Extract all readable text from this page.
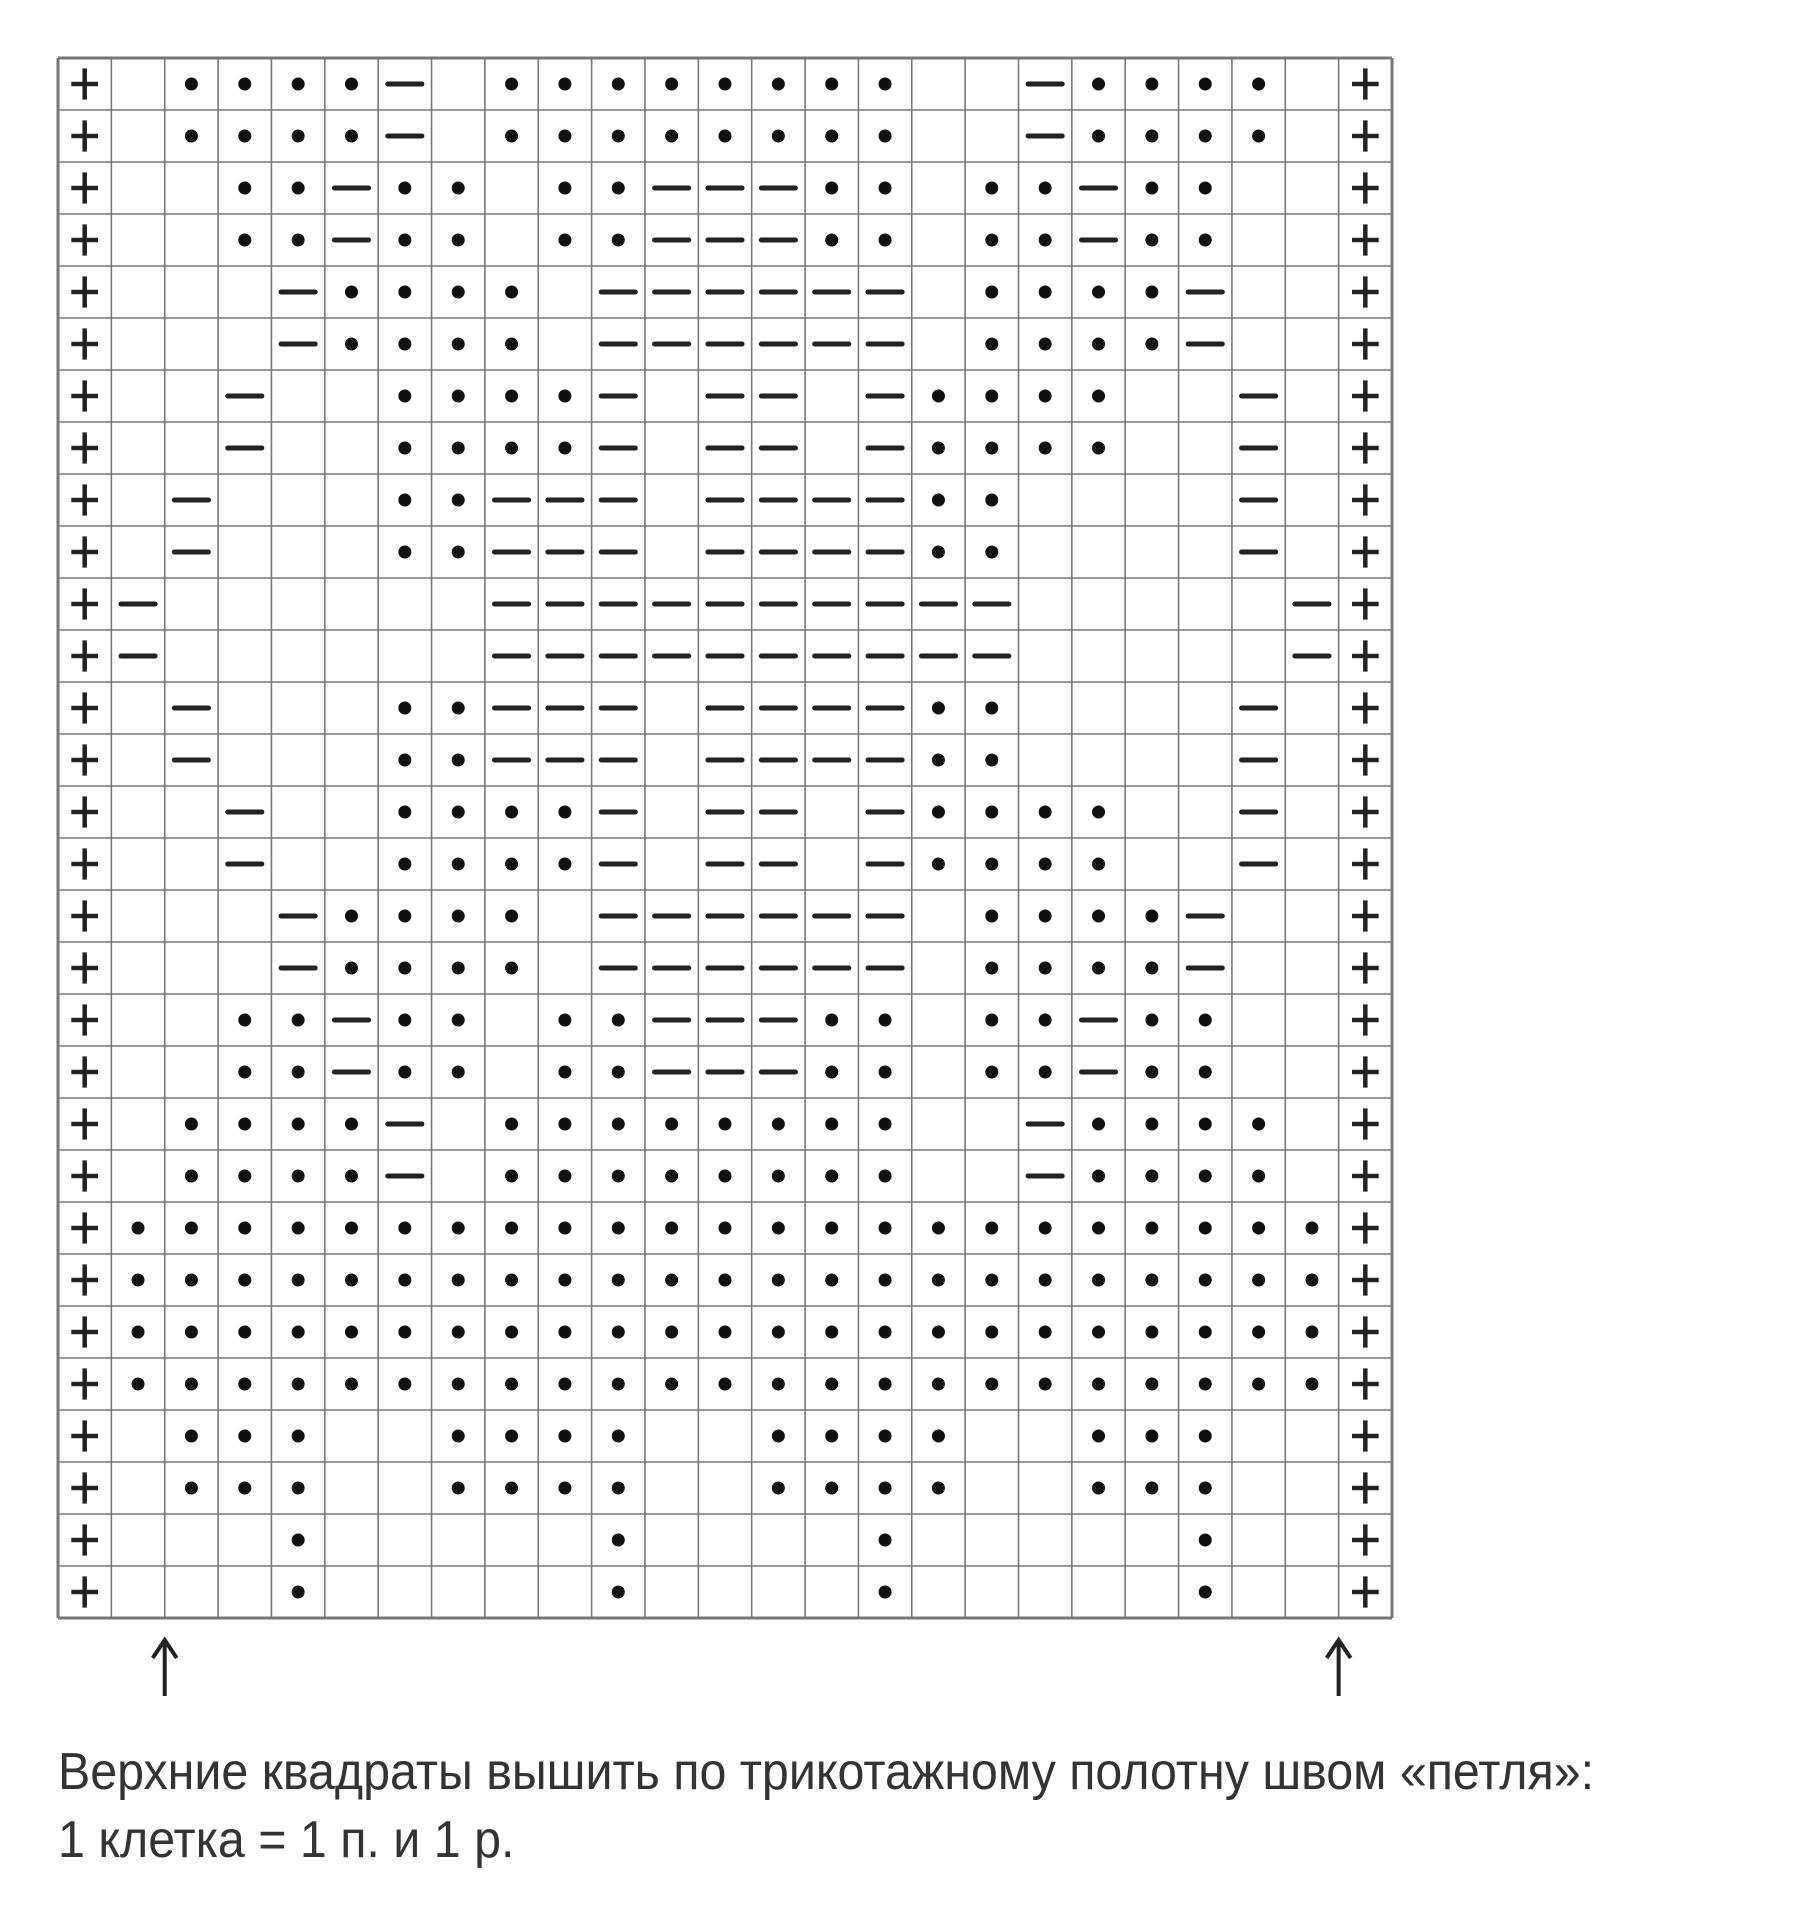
Верхние квадраты вышить по трикотажному полотну швом «петля»:
1 клетка = 1 п. и 1 р.
